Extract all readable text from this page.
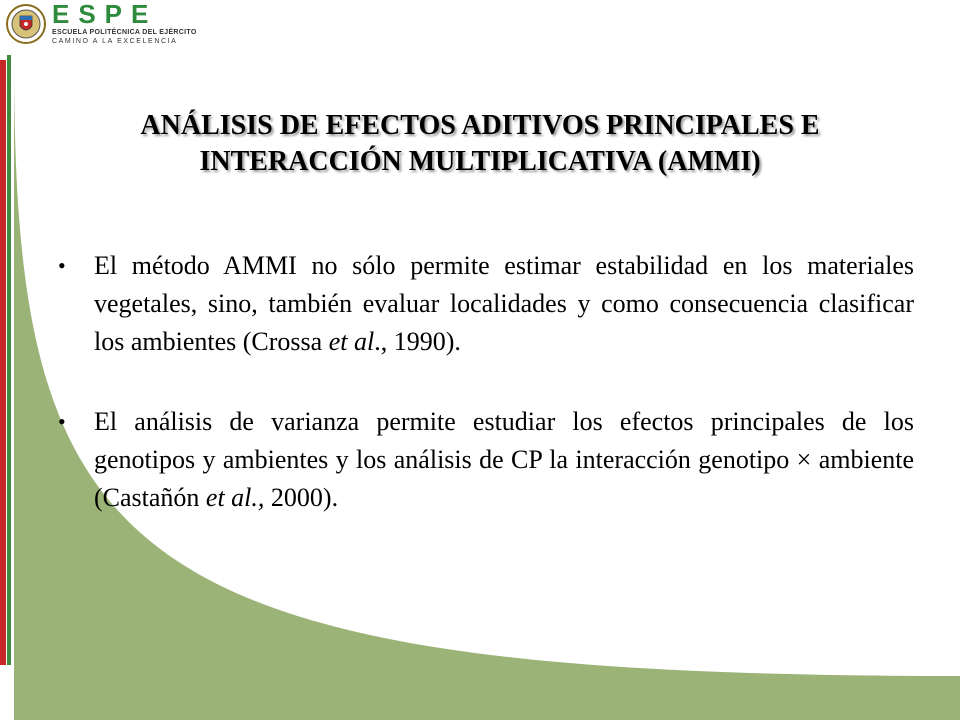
ESPE
ESCUELA POLITÉCNICA DEL EJÉRCITO
CAMINO A LA EXCELENCIA
ANÁLISIS DE EFECTOS ADITIVOS PRINCIPALES E
INTERACCIÓN MULTIPLICATIVA (AMMI)
• El método AMMI no sólo permite estimar estabilidad en los materiales vegetales, sino, también evaluar localidades y como consecuencia clasificar los ambientes (Crossa et al., 1990).
• El análisis de varianza permite estudiar los efectos principales de los genotipos y ambientes y los análisis de CP la interacción genotipo × ambiente (Castañón et al., 2000).
